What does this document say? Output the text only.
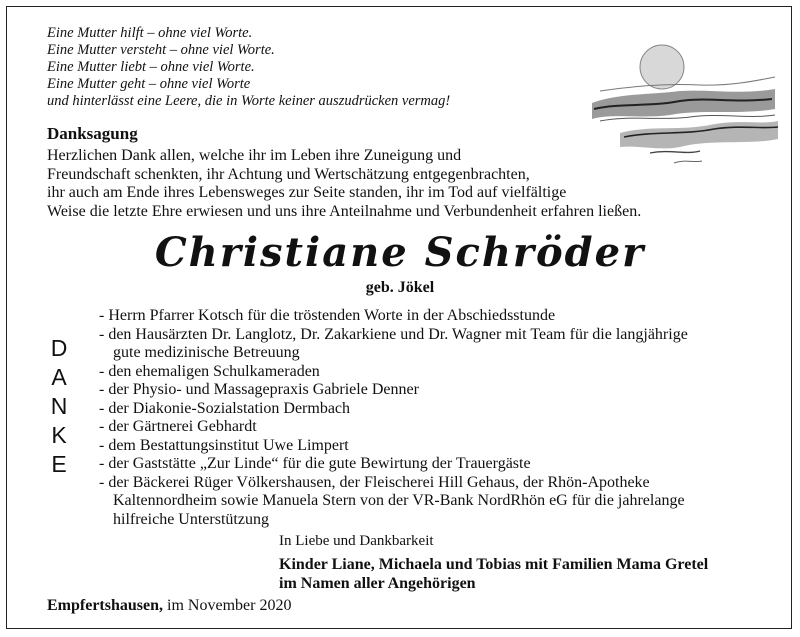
Eine Mutter hilft – ohne viel Worte.
Eine Mutter versteht – ohne viel Worte.
Eine Mutter liebt – ohne viel Worte.
Eine Mutter geht – ohne viel Worte
und hinterlässt eine Leere, die in Worte keiner auszudrücken vermag!
Danksagung
Herzlichen Dank allen, welche ihr im Leben ihre Zuneigung und
Freundschaft schenkten, ihr Achtung und Wertschätzung entgegenbrachten,
ihr auch am Ende ihres Lebensweges zur Seite standen, ihr im Tod auf vielfältige
Weise die letzte Ehre erwiesen und uns ihre Anteilnahme und Verbundenheit erfahren ließen.
Christiane Schröder
geb. Jökel
D
A
N
K
E
- Herrn Pfarrer Kotsch für die tröstenden Worte in der Abschiedsstunde
- den Hausärzten Dr. Langlotz, Dr. Zakarkiene und Dr. Wagner mit Team für die langjährige
gute medizinische Betreuung
- den ehemaligen Schulkameraden
- der Physio- und Massagepraxis Gabriele Denner
- der Diakonie-Sozialstation Dermbach
- der Gärtnerei Gebhardt
- dem Bestattungsinstitut Uwe Limpert
- der Gaststätte „Zur Linde“ für die gute Bewirtung der Trauergäste
- der Bäckerei Rüger Völkershausen, der Fleischerei Hill Gehaus, der Rhön-Apotheke
Kaltennordheim sowie Manuela Stern von der VR-Bank NordRhön eG für die jahrelange
hilfreiche Unterstützung
In Liebe und Dankbarkeit
Kinder Liane, Michaela und Tobias mit Familien Mama Gretel
im Namen aller Angehörigen
Empfertshausen, im November 2020
